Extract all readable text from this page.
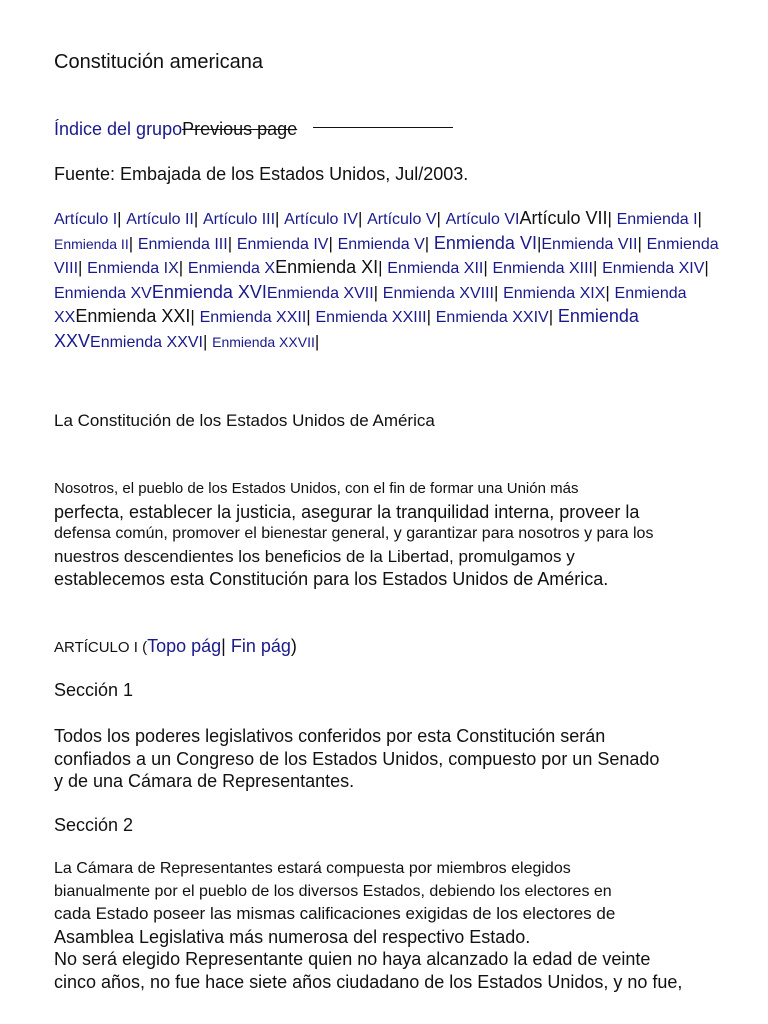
Constitución americana
Índice del grupoPrevious page
Fuente: Embajada de los Estados Unidos, Jul/2003.
Artículo I| Artículo II| Artículo III| Artículo IV| Artículo V| Artículo VIArtículo VII| Enmienda I| Enmienda II| Enmienda III| Enmienda IV| Enmienda V| Enmienda VI|Enmienda VII| Enmienda VIII| Enmienda IX| Enmienda XEnmienda XI| Enmienda XII| Enmienda XIII| Enmienda XIV| Enmienda XVEnmienda XVIEnmienda XVII| Enmienda XVIII| Enmienda XIX| Enmienda XXEnmienda XXI| Enmienda XXII| Enmienda XXIII| Enmienda XXIV| Enmienda XXVEnmienda XXVI| Enmienda XXVII|
La Constitución de los Estados Unidos de América
Nosotros, el pueblo de los Estados Unidos, con el fin de formar una Unión más
perfecta, establecer la justicia, asegurar la tranquilidad interna, proveer la
defensa común, promover el bienestar general, y garantizar para nosotros y para los
nuestros descendientes los beneficios de la Libertad, promulgamos y
establecemos esta Constitución para los Estados Unidos de América.
ARTÍCULO I (Topo pág| Fin pág)
Sección 1
Todos los poderes legislativos conferidos por esta Constitución serán
confiados a un Congreso de los Estados Unidos, compuesto por un Senado
y de una Cámara de Representantes.
Sección 2
La Cámara de Representantes estará compuesta por miembros elegidos
bianualmente por el pueblo de los diversos Estados, debiendo los electores en
cada Estado poseer las mismas calificaciones exigidas de los electores de
Asamblea Legislativa más numerosa del respectivo Estado.
No será elegido Representante quien no haya alcanzado la edad de veinte
cinco años, no fue hace siete años ciudadano de los Estados Unidos, y no fue,
